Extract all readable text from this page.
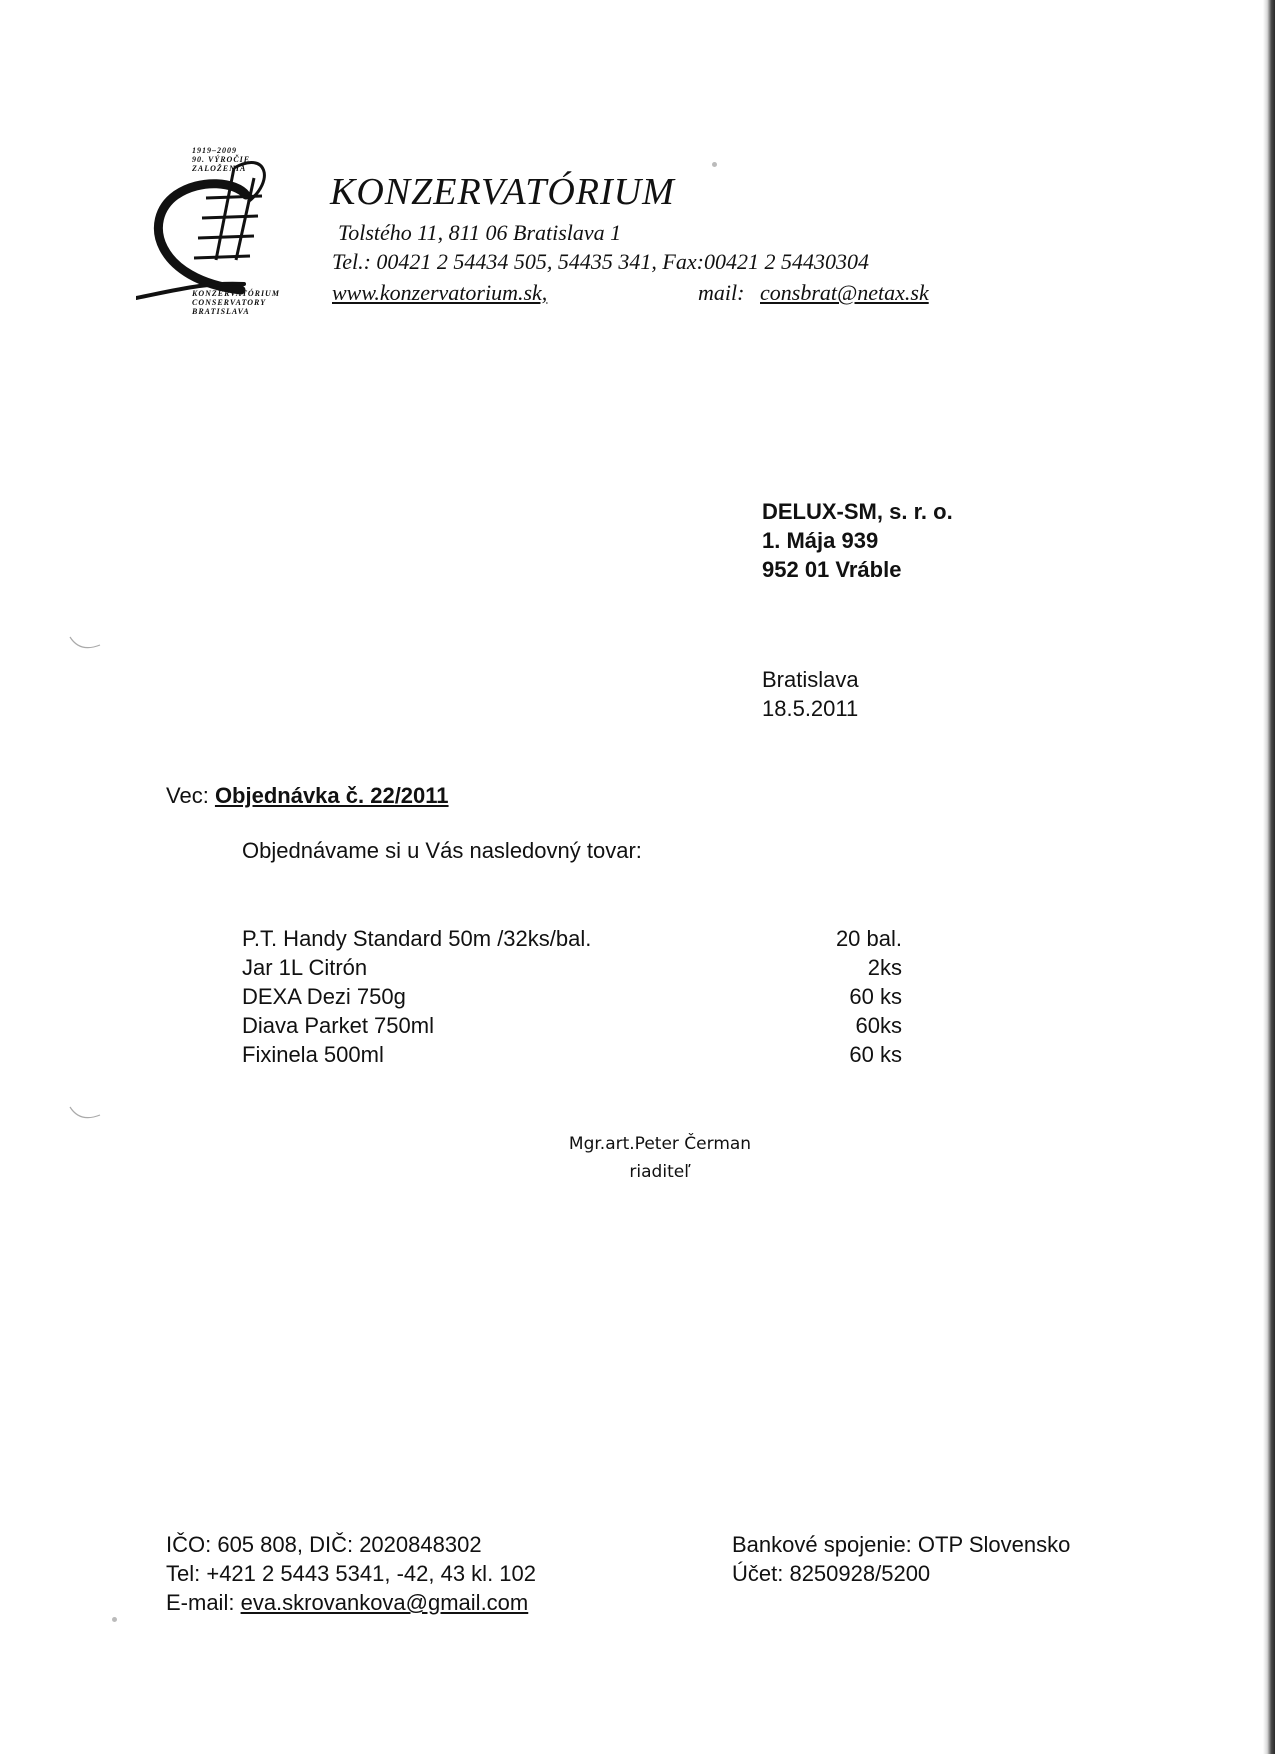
1919–2009
90. VÝROČIE
ZALOŽENIA
KONZERVATÓRIUM
CONSERVATORY
BRATISLAVA
KONZERVATÓRIUM
Tolstého 11, 811 06 Bratislava 1
Tel.: 00421 2 54434 505, 54435 341, Fax:00421 2 54430304
www.konzervatorium.sk,	mail: consbrat@netax.sk
DELUX-SM, s. r. o.
1. Mája 939
952 01 Vráble
Bratislava
18.5.2011
Vec: Objednávka č. 22/2011
Objednávame si u Vás nasledovný tovar:
P.T. Handy Standard 50m /32ks/bal.	20 bal.
Jar 1L Citrón	2ks
DEXA Dezi 750g	60 ks
Diava Parket 750ml	60ks
Fixinela 500ml	60 ks
Mgr.art.Peter Čerman
riaditeľ
IČO: 605 808, DIČ: 2020848302
Tel: +421 2 5443 5341, -42, 43 kl. 102
E-mail: eva.skrovankova@gmail.com
Bankové spojenie: OTP Slovensko
Účet: 8250928/5200
